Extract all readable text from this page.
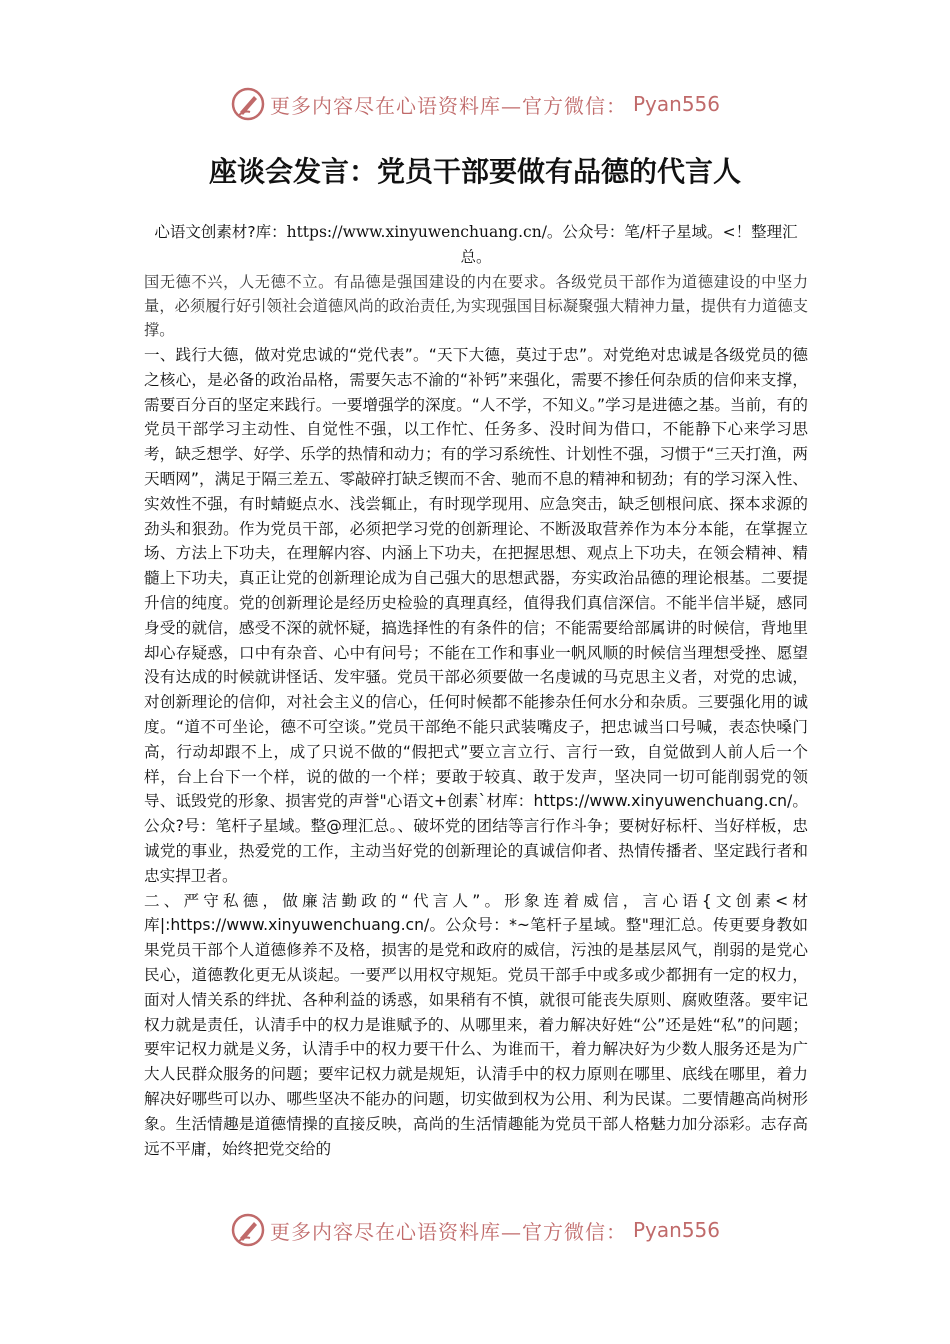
更多内容尽在心语资料库—官方微信： Pyan556
座谈会发言：党员干部要做有品德的代言人
心语文创素材?库：https://www.xinyuwenchuang.cn/。公众号：笔/杆子星域。<！整理汇总。
国无德不兴，人无德不立。有品德是强国建设的内在要求。各级党员干部作为道德建设的中坚力量，必须履行好引领社会道德风尚的政治责任,为实现强国目标凝聚强大精神力量，提供有力道德支撑。

一、践行大德，做对党忠诚的“党代表”。“天下大德，莫过于忠”。对党绝对忠诚是各级党员的德之核心，是必备的政治品格，需要矢志不渝的“补钙”来强化，需要不掺任何杂质的信仰来支撑，需要百分百的坚定来践行。一要增强学的深度。“人不学，不知义。”学习是进德之基。当前，有的党员干部学习主动性、自觉性不强，以工作忙、任务多、没时间为借口，不能静下心来学习思考，缺乏想学、好学、乐学的热情和动力；有的学习系统性、计划性不强，习惯于“三天打渔，两天晒网”，满足于隔三差五、零敲碎打缺乏锲而不舍、驰而不息的精神和韧劲；有的学习深入性、实效性不强，有时蜻蜓点水、浅尝辄止，有时现学现用、应急突击，缺乏刨根问底、探本求源的劲头和狠劲。作为党员干部，必须把学习党的创新理论、不断汲取营养作为本分本能，在掌握立场、方法上下功夫，在理解内容、内涵上下功夫，在把握思想、观点上下功夫，在领会精神、精髓上下功夫，真正让党的创新理论成为自己强大的思想武器，夯实政治品德的理论根基。二要提升信的纯度。党的创新理论是经历史检验的真理真经，值得我们真信深信。不能半信半疑，感同身受的就信，感受不深的就怀疑，搞选择性的有条件的信；不能需要给部属讲的时候信，背地里却心存疑惑，口中有杂音、心中有问号；不能在工作和事业一帆风顺的时候信当理想受挫、愿望没有达成的时候就讲怪话、发牢骚。党员干部必须要做一名虔诚的马克思主义者，对党的忠诚，对创新理论的信仰，对社会主义的信心，任何时候都不能掺杂任何水分和杂质。三要强化用的诚度。“道不可坐论，德不可空谈。”党员干部绝不能只武装嘴皮子，把忠诚当口号喊，表态快嗓门高，行动却跟不上，成了只说不做的“假把式”要立言立行、言行一致，自觉做到人前人后一个样，台上台下一个样，说的做的一个样；要敢于较真、敢于发声，坚决同一切可能削弱党的领导、诋毁党的形象、损害党的声誉"心语文+创素`材库：https://www.xinyuwenchuang.cn/。公众?号：笔杆子星域。整@理汇总。、破坏党的团结等言行作斗争；要树好标杆、当好样板，忠诚党的事业，热爱党的工作，主动当好党的创新理论的真诚信仰者、热情传播者、坚定践行者和忠实捍卫者。

二、严守私德，做廉洁勤政的“代言人”。形象连着威信，言心语{文创素<材库|:https://www.xinyuwenchuang.cn/。公众号：*~笔杆子星域。整"理汇总。传更要身教如果党员干部个人道德修养不及格，损害的是党和政府的威信，污浊的是基层风气，削弱的是党心民心，道德教化更无从谈起。一要严以用权守规矩。党员干部手中或多或少都拥有一定的权力，面对人情关系的绊扰、各种利益的诱惑，如果稍有不慎，就很可能丧失原则、腐败堕落。要牢记权力就是责任，认清手中的权力是谁赋予的、从哪里来，着力解决好姓“公”还是姓“私”的问题；要牢记权力就是义务，认清手中的权力要干什么、为谁而干，着力解决好为少数人服务还是为广大人民群众服务的问题；要牢记权力就是规矩，认清手中的权力原则在哪里、底线在哪里，着力解决好哪些可以办、哪些坚决不能办的问题，切实做到权为公用、利为民谋。二要情趣高尚树形象。生活情趣是道德情操的直接反映，高尚的生活情趣能为党员干部人格魅力加分添彩。志存高远不平庸，始终把党交给的

更多内容尽在心语资料库—官方微信： Pyan556
